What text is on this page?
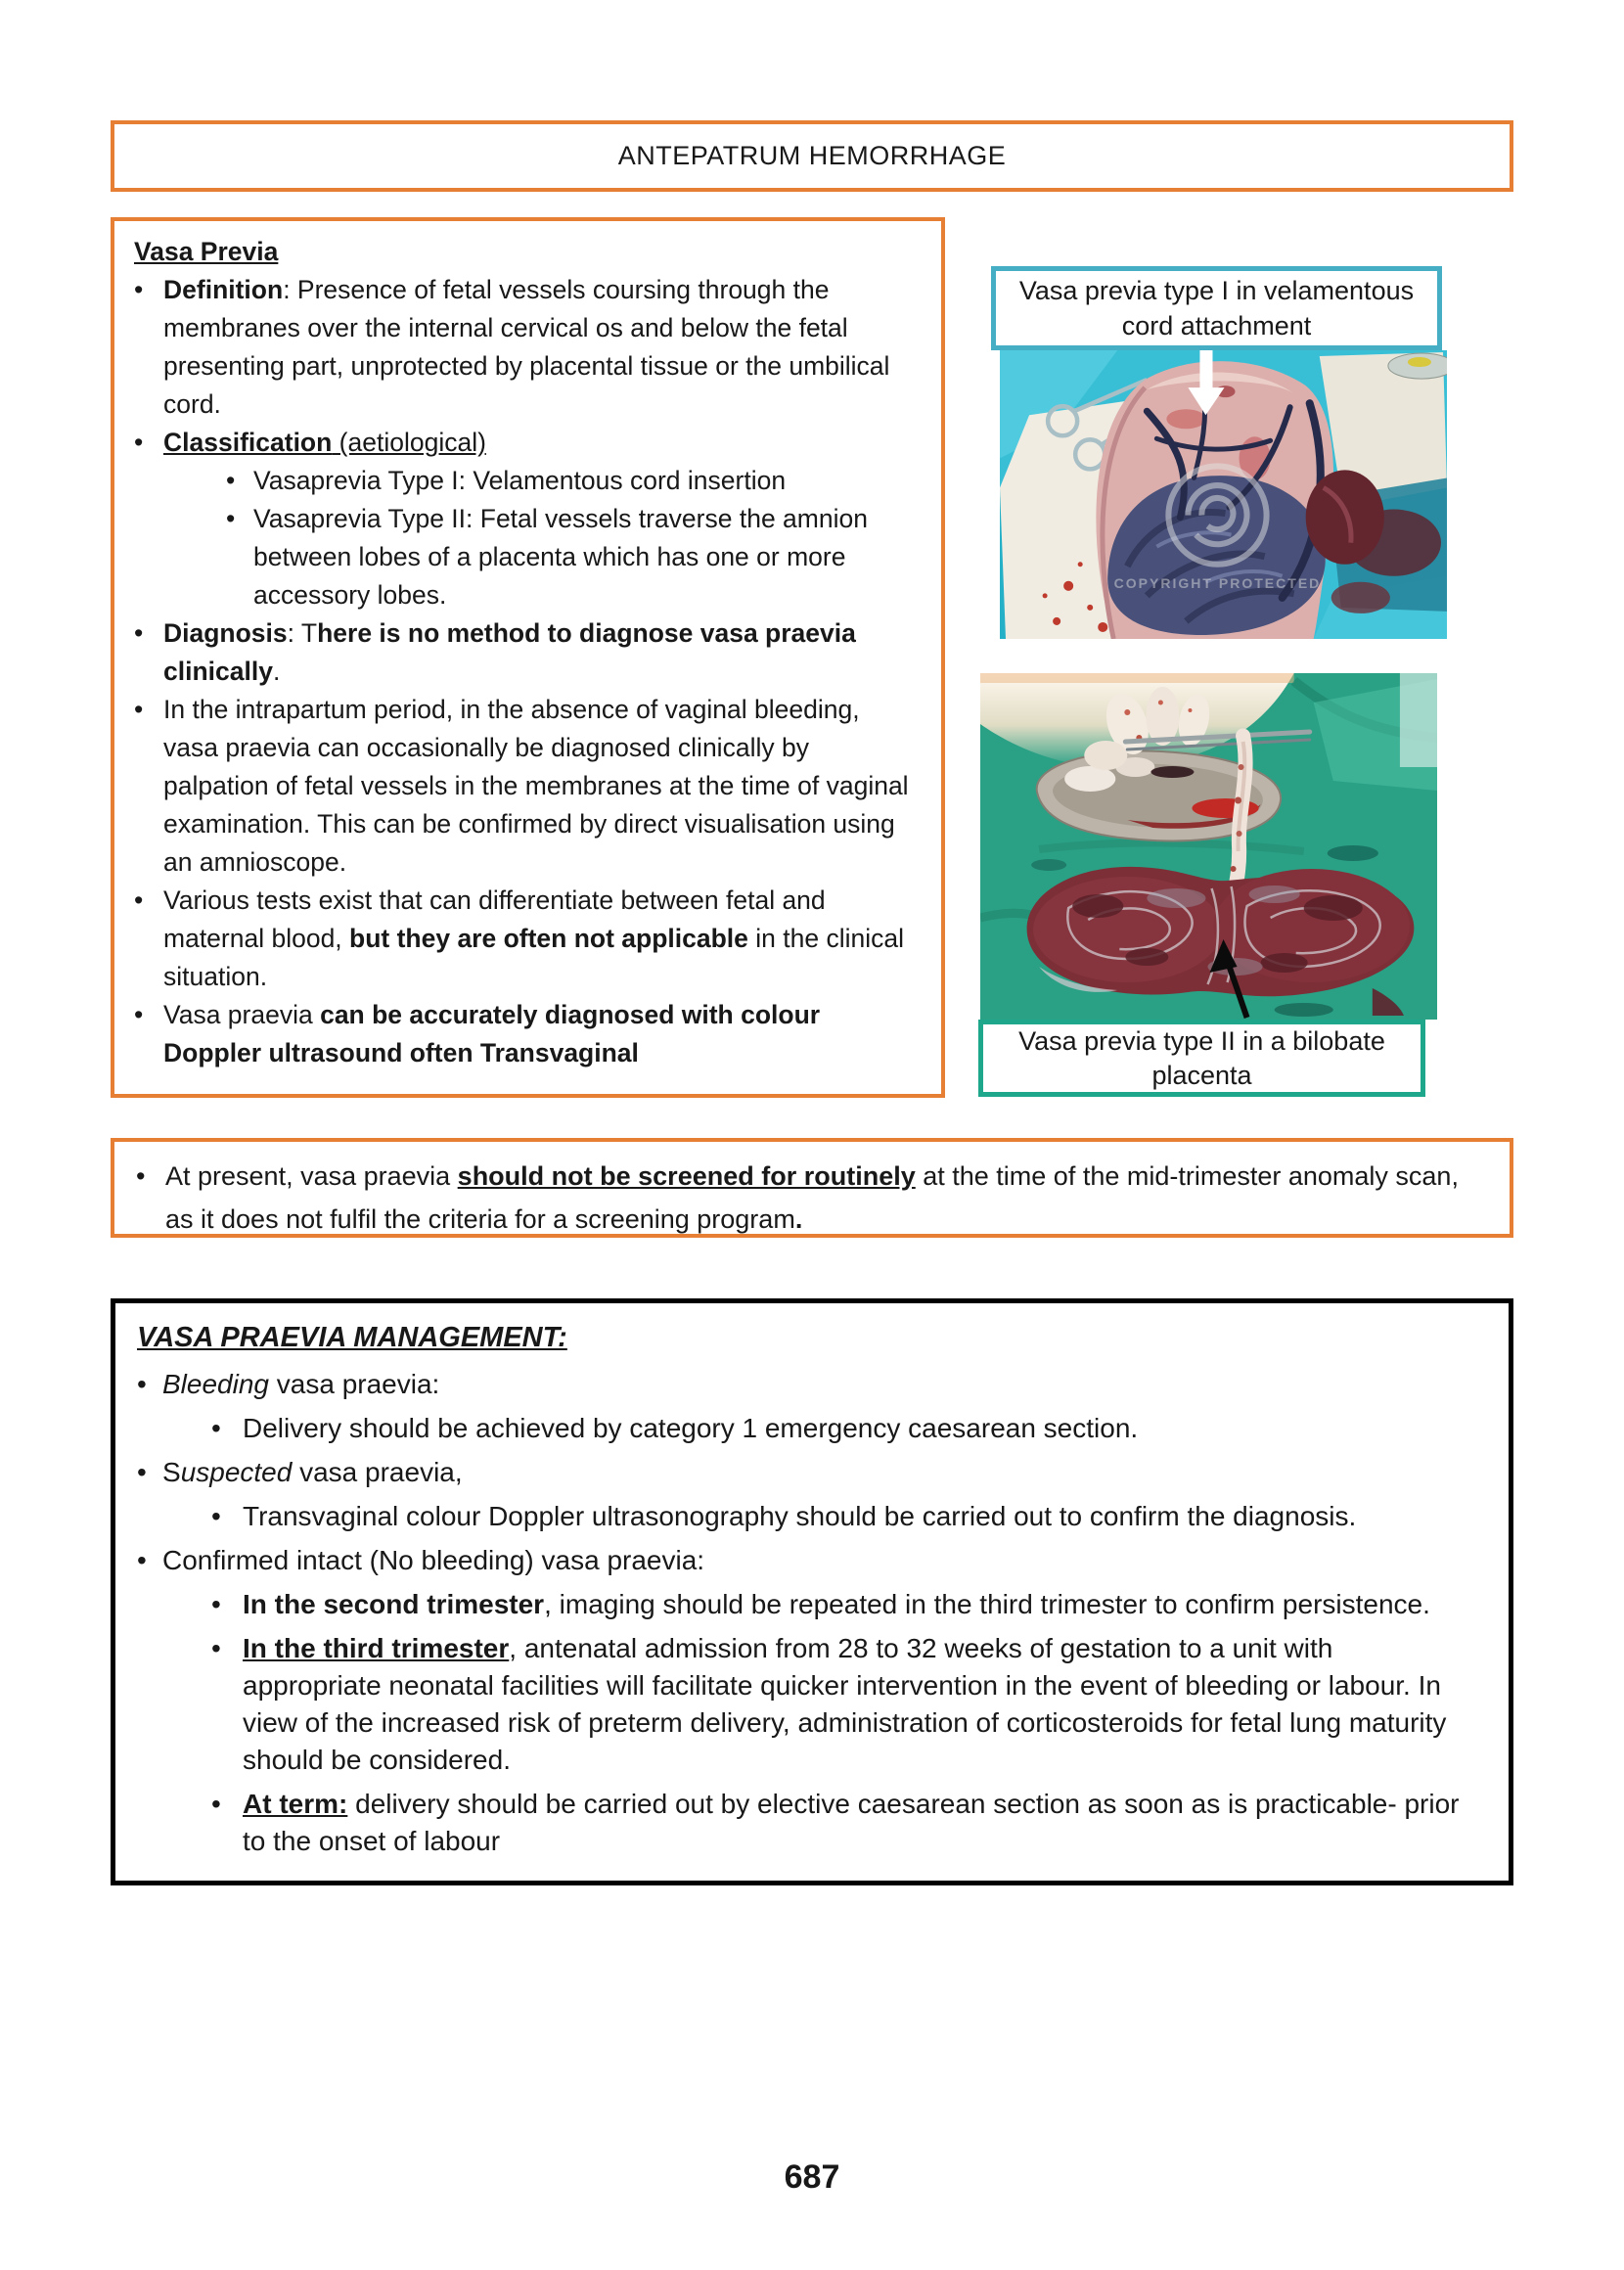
ANTEPATRUM HEMORRHAGE
Vasa Previa
• Definition: Presence of fetal vessels coursing through the membranes over the internal cervical os and below the fetal presenting part, unprotected by placental tissue or the umbilical cord.
• Classification (aetiological)
• Vasaprevia Type I: Velamentous cord insertion
• Vasaprevia Type II: Fetal vessels traverse the amnion between lobes of a placenta which has one or more accessory lobes.
• Diagnosis: There is no method to diagnose vasa praevia clinically.
• In the intrapartum period, in the absence of vaginal bleeding, vasa praevia can occasionally be diagnosed clinically by palpation of fetal vessels in the membranes at the time of vaginal examination. This can be confirmed by direct visualisation using an amnioscope.
• Various tests exist that can differentiate between fetal and maternal blood, but they are often not applicable in the clinical situation.
• Vasa praevia can be accurately diagnosed with colour Doppler ultrasound often Transvaginal
Vasa previa type I in velamentous cord attachment
COPYRIGHT PROTECTED
Vasa previa type II in a bilobate placenta
• At present, vasa praevia should not be screened for routinely at the time of the mid-trimester anomaly scan, as it does not fulfil the criteria for a screening program.
VASA PRAEVIA MANAGEMENT:
• Bleeding vasa praevia:
• Delivery should be achieved by category 1 emergency caesarean section.
• Suspected vasa praevia,
• Transvaginal colour Doppler ultrasonography should be carried out to confirm the diagnosis.
• Confirmed intact (No bleeding) vasa praevia:
• In the second trimester, imaging should be repeated in the third trimester to confirm persistence.
• In the third trimester, antenatal admission from 28 to 32 weeks of gestation to a unit with appropriate neonatal facilities will facilitate quicker intervention in the event of bleeding or labour. In view of the increased risk of preterm delivery, administration of corticosteroids for fetal lung maturity should be considered.
• At term: delivery should be carried out by elective caesarean section as soon as is practicable- prior to the onset of labour
687
